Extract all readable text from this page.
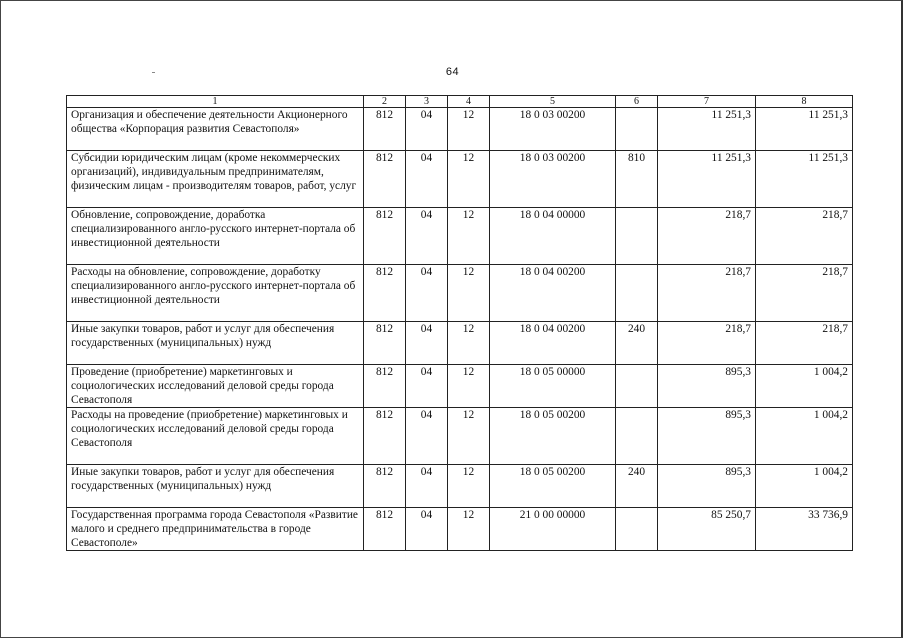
64
1	2	3	4	5	6	7	8
Организация и обеспечение деятельности Акционерного общества «Корпорация развития Севастополя»	812	04	12	18 0 03 00200		11 251,3	11 251,3
Субсидии юридическим лицам (кроме некоммерческих организаций), индивидуальным предпринимателям, физическим лицам - производителям товаров, работ, услуг	812	04	12	18 0 03 00200	810	11 251,3	11 251,3
Обновление, сопровождение, доработка специализированного англо-русского интернет-портала об инвестиционной деятельности	812	04	12	18 0 04 00000		218,7	218,7
Расходы на обновление, сопровождение, доработку специализированного англо-русского интернет-портала об инвестиционной деятельности	812	04	12	18 0 04 00200		218,7	218,7
Иные закупки товаров, работ и услуг для обеспечения государственных (муниципальных) нужд	812	04	12	18 0 04 00200	240	218,7	218,7
Проведение (приобретение) маркетинговых и социологических исследований деловой среды города Севастополя	812	04	12	18 0 05 00000		895,3	1 004,2
Расходы на проведение (приобретение) маркетинговых и социологических исследований деловой среды города Севастополя	812	04	12	18 0 05 00200		895,3	1 004,2
Иные закупки товаров, работ и услуг для обеспечения государственных (муниципальных) нужд	812	04	12	18 0 05 00200	240	895,3	1 004,2
Государственная программа города Севастополя «Развитие малого и среднего предпринимательства в городе Севастополе»	812	04	12	21 0 00 00000		85 250,7	33 736,9
